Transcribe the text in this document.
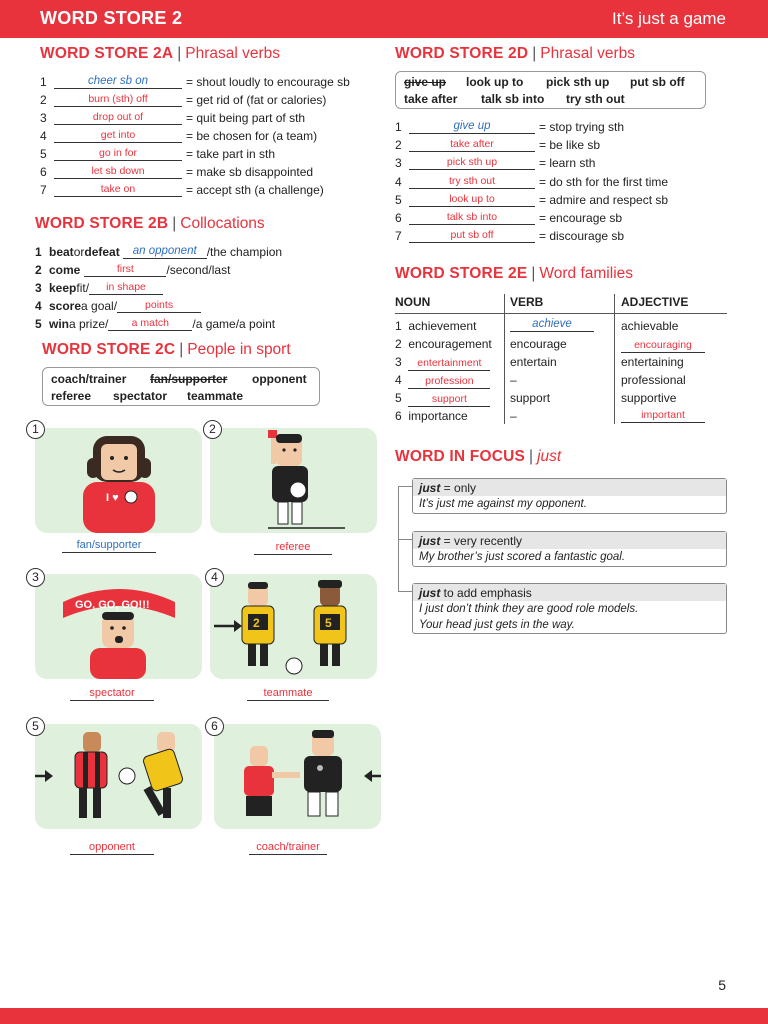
WORD STORE 2	It’s just a game
WORD STORE 2A | Phrasal verbs
1	cheer sb on	= shout loudly to encourage sb
2	burn (sth) off	= get rid of (fat or calories)
3	drop out of	= quit being part of sth
4	get into	= be chosen for (a team)
5	go in for	= take part in sth
6	let sb down	= make sb disappointed
7	take on	= accept sth (a challenge)
WORD STORE 2B | Collocations
1 beat or defeat	an opponent /the champion
2 come	first	/second/last
3 keep fit/	in shape
4 score a goal/	points
5 win a prize/	a match	/a game/a point
WORD STORE 2C | People in sport
coach/trainer fan/supporter opponent
referee spectator teammate
I ♥
1
fan/supporter
2
referee
GO, GO, GO!!!
3
spectator
2	5
4
teammate
5
opponent
6
coach/trainer
WORD STORE 2D | Phrasal verbs
give up look up to pick sth up put sb off
take after talk sb into try sth out
1	give up	= stop trying sth
2	take after	= be like sb
3	pick sth up	= learn sth
4	try sth out	= do sth for the first time
5	look up to	= admire and respect sb
6	talk sb into	= encourage sb
7	put sb off	= discourage sb
WORD STORE 2E | Word families
NOUN	VERB	ADJECTIVE
1 achievement	achieve	achievable
2 encouragement encourage	encouraging
3 entertainment	entertain	entertaining
4 profession	–	professional
5	support	support	supportive
6 importance	–	important
WORD IN FOCUS | just
just = only
It’s just me against my opponent.
just = very recently
My brother’s just scored a fantastic goal.
just to add emphasis
I just don’t think they are good role models.
Your head just gets in the way.
5
